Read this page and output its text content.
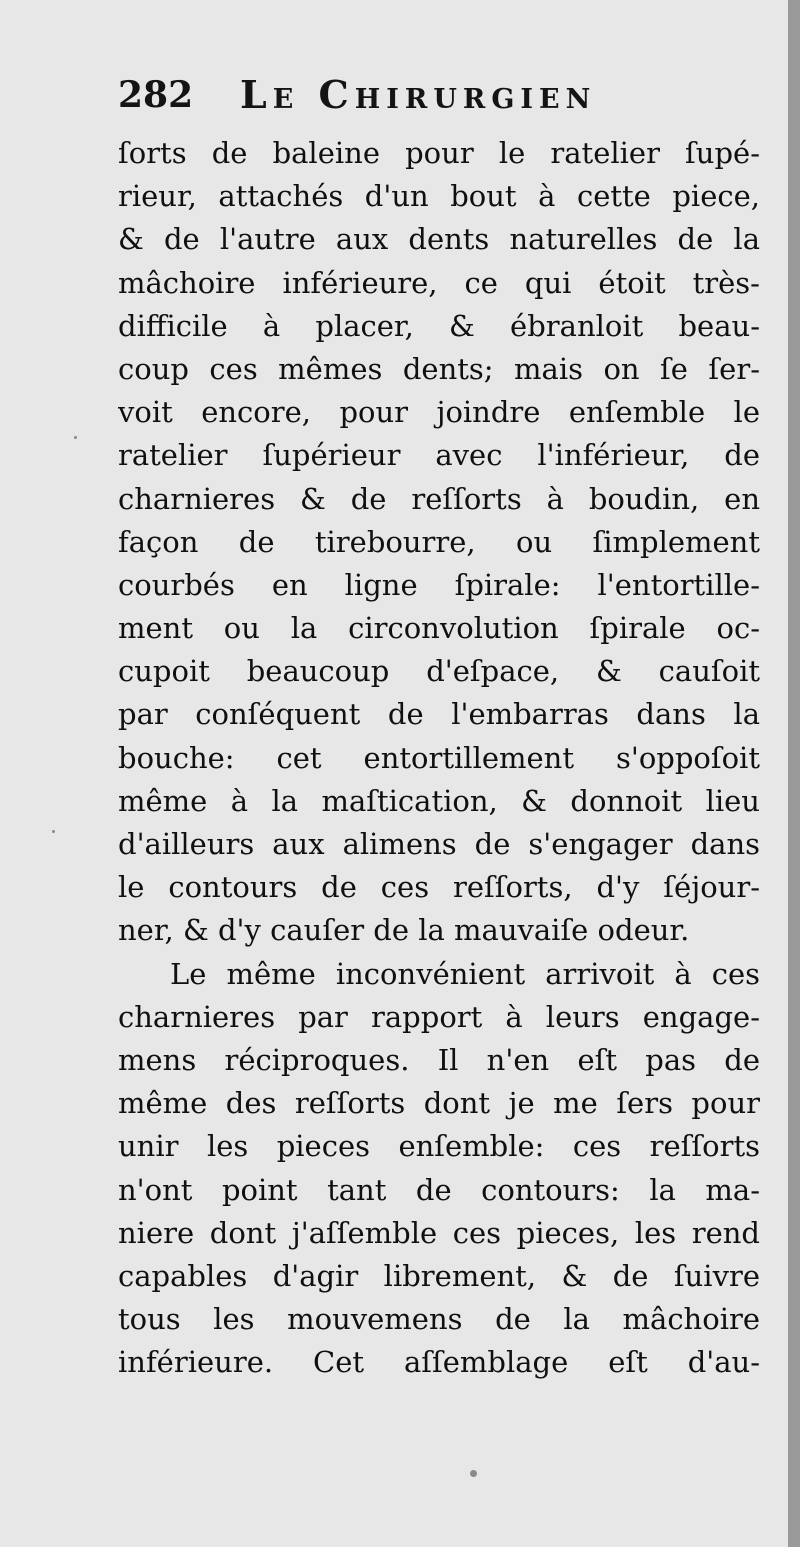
282 Le Chirurgien
ſorts de baleine pour le ratelier ſupé-
rieur, attachés d'un bout à cette piece,
& de l'autre aux dents naturelles de la
mâchoire inférieure, ce qui étoit très-
difficile à placer, & ébranloit beau-
coup ces mêmes dents; mais on ſe ſer-
voit encore, pour joindre enſemble le
ratelier ſupérieur avec l'inférieur, de
charnieres & de reſſorts à boudin, en
façon de tirebourre, ou ſimplement
courbés en ligne ſpirale: l'entortille-
ment ou la circonvolution ſpirale oc-
cupoit beaucoup d'eſpace, & cauſoit
par conſéquent de l'embarras dans la
bouche: cet entortillement s'oppoſoit
même à la maſtication, & donnoit lieu
d'ailleurs aux alimens de s'engager dans
le contours de ces reſſorts, d'y ſéjour-
ner, & d'y cauſer de la mauvaiſe odeur.
Le même inconvénient arrivoit à ces
charnieres par rapport à leurs engage-
mens réciproques. Il n'en eſt pas de
même des reſſorts dont je me ſers pour
unir les pieces enſemble: ces reſſorts
n'ont point tant de contours: la ma-
niere dont j'aſſemble ces pieces, les rend
capables d'agir librement, & de ſuivre
tous les mouvemens de la mâchoire
inférieure. Cet aſſemblage eſt d'au-
